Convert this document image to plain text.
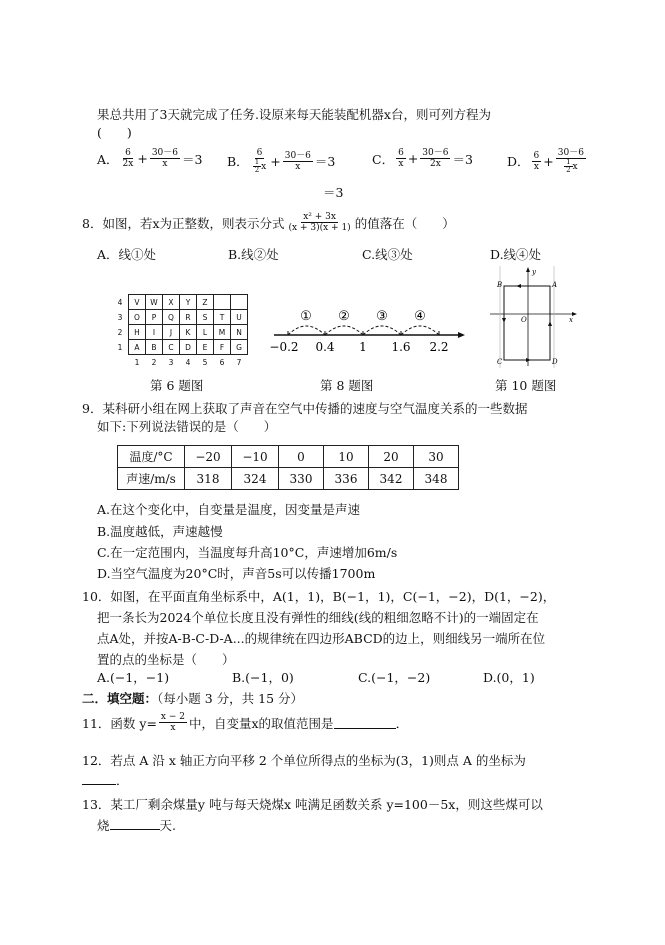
果总共用了3天就完成了任务.设原来每天能装配机器x台，则可列方程为
(　　)
A． $\frac{6}{2x} + \frac{30-6}{x} =3$ B． $\frac{6}{\frac{1}{2} x} + \frac{30-6}{x} =3$	C． $\frac{6}{x} + \frac{30-6}{2x} =3$	D． $\frac{6}{x} + \frac{30-6}{\frac{1}{2} x}$
＝3
8．如图，若x为正整数，则表示分式 $\frac{\text{x² + 3x}}{(x + 3)(x + 1)}$ 的值落在（　　）
A．线①处	B.线②处	C.线③处	D.线④处
4	V	W	X	Y	Z		
3	O	P	Q	R	S	T	U
2	H	I	J	K	L	M	N
1	A	B	C	D	E	F	G
	1	2	3	4	5	6	7
第 6 题图
① ② ③ ④
−0.2 0.4 1 1.6 2.2
第 8 题图
y
x
O
A
B
C	D
第 10 题图
9．某科研小组在网上获取了声音在空气中传播的速度与空气温度关系的一些数据
如下:下列说法错误的是（　　）
温度/°C	−20	−10	0	10	20	30
声速/m/s	318	324	330	336	342	348
A.在这个变化中，自变量是温度，因变量是声速
B.温度越低，声速越慢
C.在一定范围内，当温度每升高10°C，声速增加6m/s
D.当空气温度为20°C时，声音5s可以传播1700m
10．如图，在平面直角坐标系中，A(1，1)，B(−1，1)，C(−1，−2)，D(1，−2)，
把一条长为2024个单位长度且没有弹性的细线(线的粗细忽略不计)的一端固定在
点A处，并按A-B-C-D-A...的规律统在四边形ABCD的边上，则细线另一端所在位
置的点的坐标是（　　）
A.(−1，−1)	B.(−1，0)	C.(−1，−2)	D.(0，1)
二．填空题：（每小题 3 分，共 15 分）
11．函数 $y= \frac{x - 2}{x}$ 中，自变量x的取值范围是	．
12．若点 A 沿 x 轴正方向平移 2 个单位所得点的坐标为(3，1)则点 A 的坐标为
．
13．某工厂剩余煤量y 吨与每天烧煤x 吨满足函数关系 y=100－5x，则这些煤可以
烧	天.
